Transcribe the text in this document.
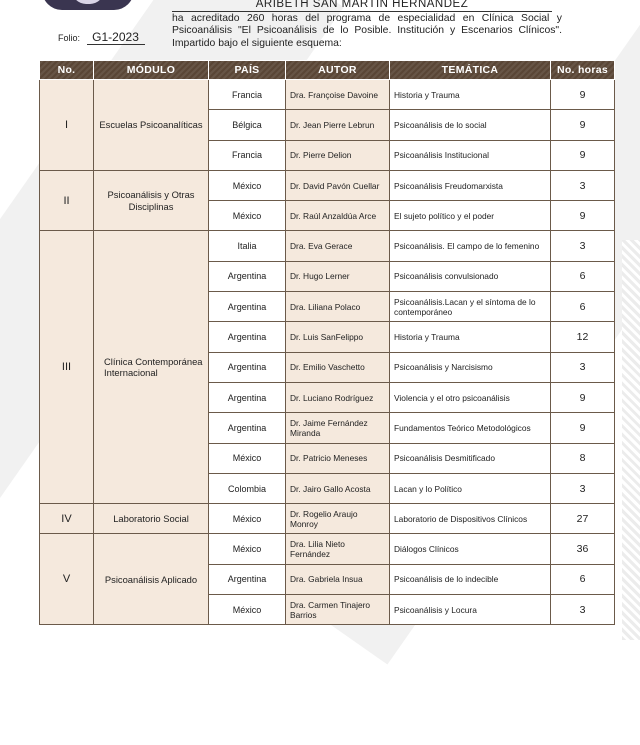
ARIBETH SAN MARTIN HERNANDEZ
ha acreditado 260 horas del programa de especialidad en Clínica Social y Psicoanálisis "El Psicoanálisis de lo Posible. Institución y Escenarios Clínicos". Impartido bajo el siguiente esquema:
Folio: G1-2023
No.	MÓDULO	PAÍS	AUTOR	TEMÁTICA	No. horas
I	Escuelas Psicoanalíticas	Francia	Dra. Françoise Davoine	Historia y Trauma	9
		Bélgica	Dr. Jean Pierre Lebrun	Psicoanálisis de lo social	9
		Francia	Dr. Pierre Delion	Psicoanálisis Institucional	9
II	Psicoanálisis y Otras Disciplinas	México	Dr. David Pavón Cuellar	Psicoanálisis Freudomarxista	3
		México	Dr. Raúl Anzaldúa Arce	El sujeto político y el poder	9
III	Clínica Contemporánea Internacional	Italia	Dra. Eva Gerace	Psicoanálisis. El campo de lo femenino	3
		Argentina	Dr. Hugo Lerner	Psicoanálisis convulsionado	6
		Argentina	Dra. Liliana Polaco	Psicoanálisis.Lacan y el síntoma de lo contemporáneo	6
		Argentina	Dr. Luis SanFelippo	Historia y Trauma	12
		Argentina	Dr. Emilio Vaschetto	Psicoanálisis y Narcisismo	3
		Argentina	Dr. Luciano Rodríguez	Violencia y el otro psicoanálisis	9
		Argentina	Dr. Jaime Fernández Miranda	Fundamentos Teórico Metodológicos	9
		México	Dr. Patricio Meneses	Psicoanálisis Desmitificado	8
		Colombia	Dr. Jairo Gallo Acosta	Lacan y lo Político	3
IV	Laboratorio Social	México	Dr. Rogelio Araujo Monroy	Laboratorio de Dispositivos Clínicos	27
V	Psicoanálisis Aplicado	México	Dra. Lilia Nieto Fernández	Diálogos Clínicos	36
		Argentina	Dra. Gabriela Insua	Psicoanálisis de lo indecible	6
		México	Dra. Carmen Tinajero Barrios	Psicoanálisis y Locura	3
